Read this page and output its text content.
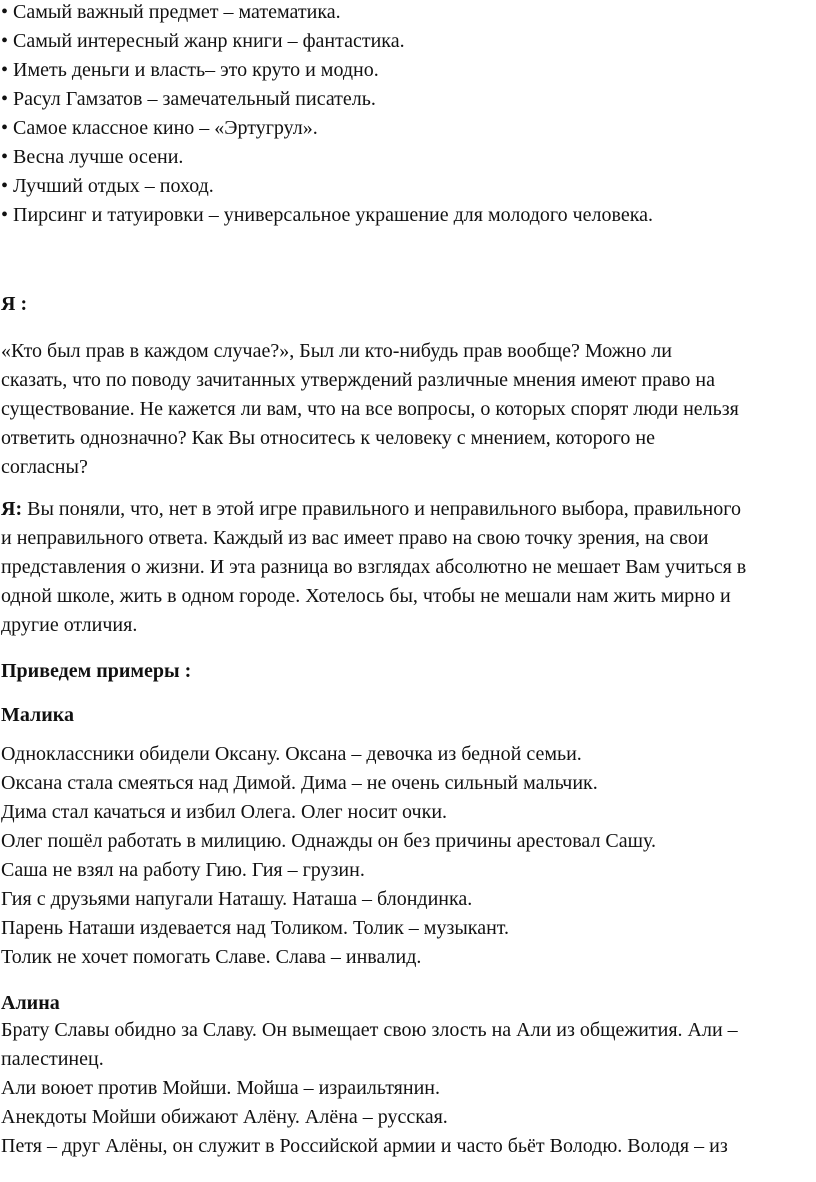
• Самый важный предмет – математика.
• Самый интересный жанр книги – фантастика.
• Иметь деньги и власть– это круто и модно.
• Расул Гамзатов – замечательный писатель.
• Самое классное кино – «Эртугрул».
• Весна лучше осени.
• Лучший отдых – поход.
• Пирсинг и татуировки – универсальное украшение для молодого человека.
Я :
«Кто был прав в каждом случае?», Был ли кто-нибудь прав вообще? Можно ли
сказать, что по поводу зачитанных утверждений различные мнения имеют право на
существование. Не кажется ли вам, что на все вопросы, о которых спорят люди нельзя
ответить однозначно? Как Вы относитесь к человеку с мнением, которого не
согласны?
Я: Вы поняли, что, нет в этой игре правильного и неправильного выбора, правильного
и неправильного ответа. Каждый из вас имеет право на свою точку зрения, на свои
представления о жизни. И эта разница во взглядах абсолютно не мешает Вам учиться в
одной школе, жить в одном городе. Хотелось бы, чтобы не мешали нам жить мирно и
другие отличия.
Приведем примеры :
Малика
Одноклассники обидели Оксану. Оксана – девочка из бедной семьи.
Оксана стала смеяться над Димой. Дима – не очень сильный мальчик.
Дима стал качаться и избил Олега. Олег носит очки.
Олег пошёл работать в милицию. Однажды он без причины арестовал Сашу.
Саша не взял на работу Гию. Гия – грузин.
Гия с друзьями напугали Наташу. Наташа – блондинка.
Парень Наташи издевается над Толиком. Толик – музыкант.
Толик не хочет помогать Славе. Слава – инвалид.
Алина
Брату Славы обидно за Славу. Он вымещает свою злость на Али из общежития. Али –
палестинец.
Али воюет против Мойши. Мойша – израильтянин.
Анекдоты Мойши обижают Алёну. Алёна – русская.
Петя – друг Алёны, он служит в Российской армии и часто бьёт Володю. Володя – из
